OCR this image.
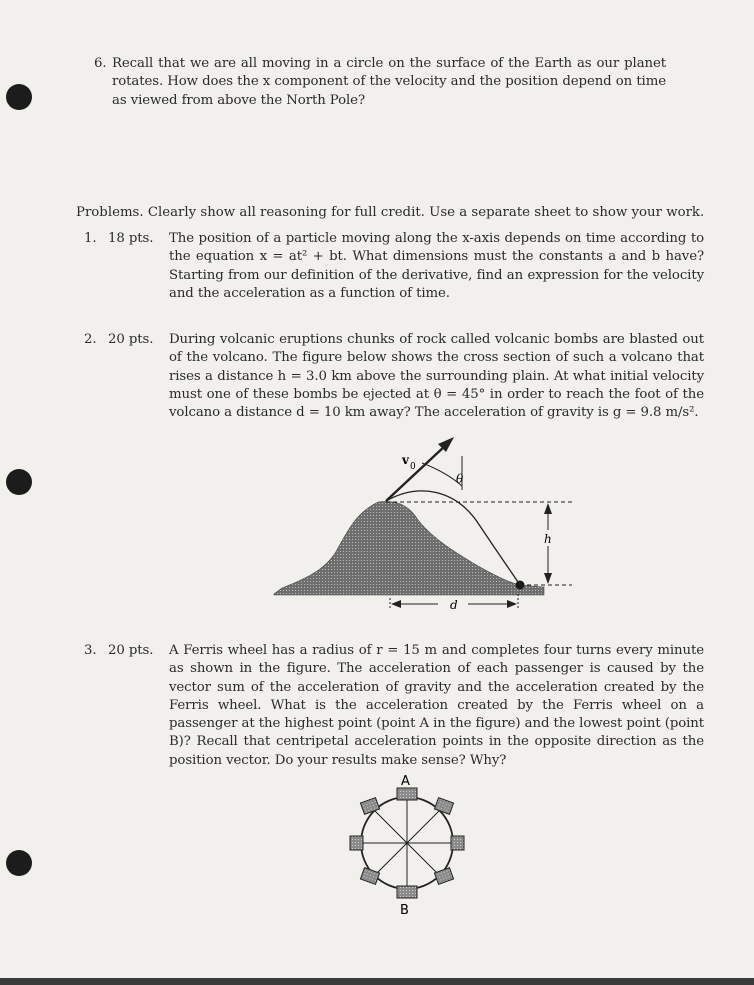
6. Recall that we are all moving in a circle on the surface of the Earth as our planet rotates. How does the x component of the velocity and the position depend on time as viewed from above the North Pole?
Problems. Clearly show all reasoning for full credit. Use a separate sheet to show your work.
1. 18 pts. The position of a particle moving along the x-axis depends on time according to the equation x = at² + bt. What dimensions must the constants a and b have? Starting from our definition of the derivative, find an expression for the velocity and the acceleration as a function of time.
2. 20 pts. During volcanic eruptions chunks of rock called volcanic bombs are blasted out of the volcano. The figure below shows the cross section of such a volcano that rises a distance h = 3.0 km above the surrounding plain. At what initial velocity must one of these bombs be ejected at θ = 45° in order to reach the foot of the volcano a distance d = 10 km away? The acceleration of gravity is g = 9.8 m/s².
h
d
v 0
θ
3. 20 pts. A Ferris wheel has a radius of r = 15 m and completes four turns every minute as shown in the figure. The acceleration of each passenger is caused by the vector sum of the acceleration of gravity and the acceleration created by the Ferris wheel. What is the acceleration created by the Ferris wheel on a passenger at the highest point (point A in the figure) and the lowest point (point B)? Recall that centripetal acceleration points in the opposite direction as the position vector. Do your results make sense? Why?
A
B
